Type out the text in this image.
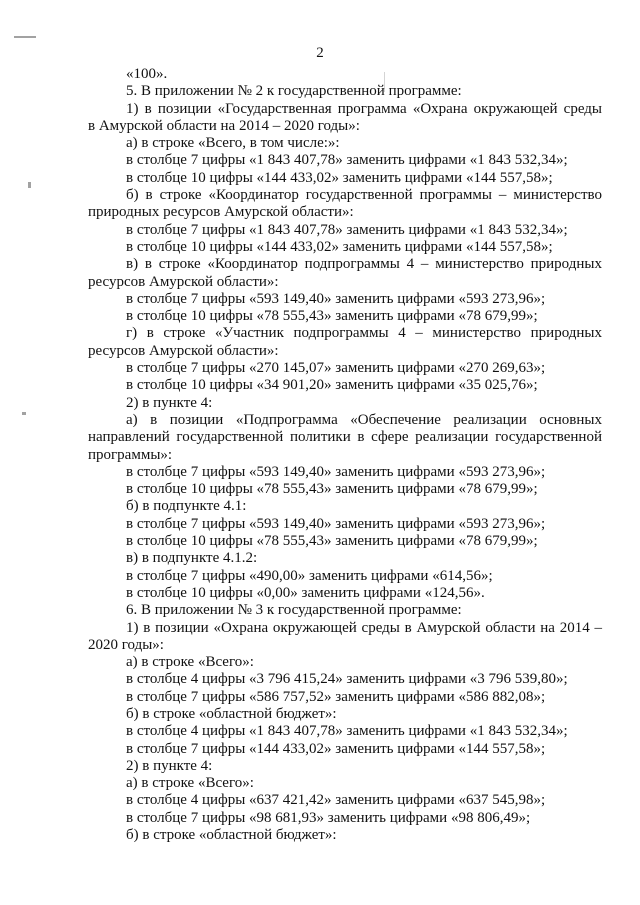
2
«100».
5. В приложении № 2 к государственной программе:
1) в позиции «Государственная программа «Охрана окружающей среды
в Амурской области на 2014 – 2020 годы»:
а) в строке «Всего, в том числе:»:
в столбце 7 цифры «1 843 407,78» заменить цифрами «1 843 532,34»;
в столбце 10 цифры «144 433,02» заменить цифрами «144 557,58»;
б) в строке «Координатор государственной программы – министерство
природных ресурсов Амурской области»:
в столбце 7 цифры «1 843 407,78» заменить цифрами «1 843 532,34»;
в столбце 10 цифры «144 433,02» заменить цифрами «144 557,58»;
в) в строке «Координатор подпрограммы 4 – министерство природных
ресурсов Амурской области»:
в столбце 7 цифры «593 149,40» заменить цифрами «593 273,96»;
в столбце 10 цифры «78 555,43» заменить цифрами «78 679,99»;
г) в строке «Участник подпрограммы 4 – министерство природных
ресурсов Амурской области»:
в столбце 7 цифры «270 145,07» заменить цифрами «270 269,63»;
в столбце 10 цифры «34 901,20» заменить цифрами «35 025,76»;
2) в пункте 4:
а) в позиции «Подпрограмма «Обеспечение реализации основных
направлений государственной политики в сфере реализации государственной
программы»:
в столбце 7 цифры «593 149,40» заменить цифрами «593 273,96»;
в столбце 10 цифры «78 555,43» заменить цифрами «78 679,99»;
б) в подпункте 4.1:
в столбце 7 цифры «593 149,40» заменить цифрами «593 273,96»;
в столбце 10 цифры «78 555,43» заменить цифрами «78 679,99»;
в) в подпункте 4.1.2:
в столбце 7 цифры «490,00» заменить цифрами «614,56»;
в столбце 10 цифры «0,00» заменить цифрами «124,56».
6. В приложении № 3 к государственной программе:
1) в позиции «Охрана окружающей среды в Амурской области на 2014 –
2020 годы»:
а) в строке «Всего»:
в столбце 4 цифры «3 796 415,24» заменить цифрами «3 796 539,80»;
в столбце 7 цифры «586 757,52» заменить цифрами «586 882,08»;
б) в строке «областной бюджет»:
в столбце 4 цифры «1 843 407,78» заменить цифрами «1 843 532,34»;
в столбце 7 цифры «144 433,02» заменить цифрами «144 557,58»;
2) в пункте 4:
а) в строке «Всего»:
в столбце 4 цифры «637 421,42» заменить цифрами «637 545,98»;
в столбце 7 цифры «98 681,93» заменить цифрами «98 806,49»;
б) в строке «областной бюджет»:
